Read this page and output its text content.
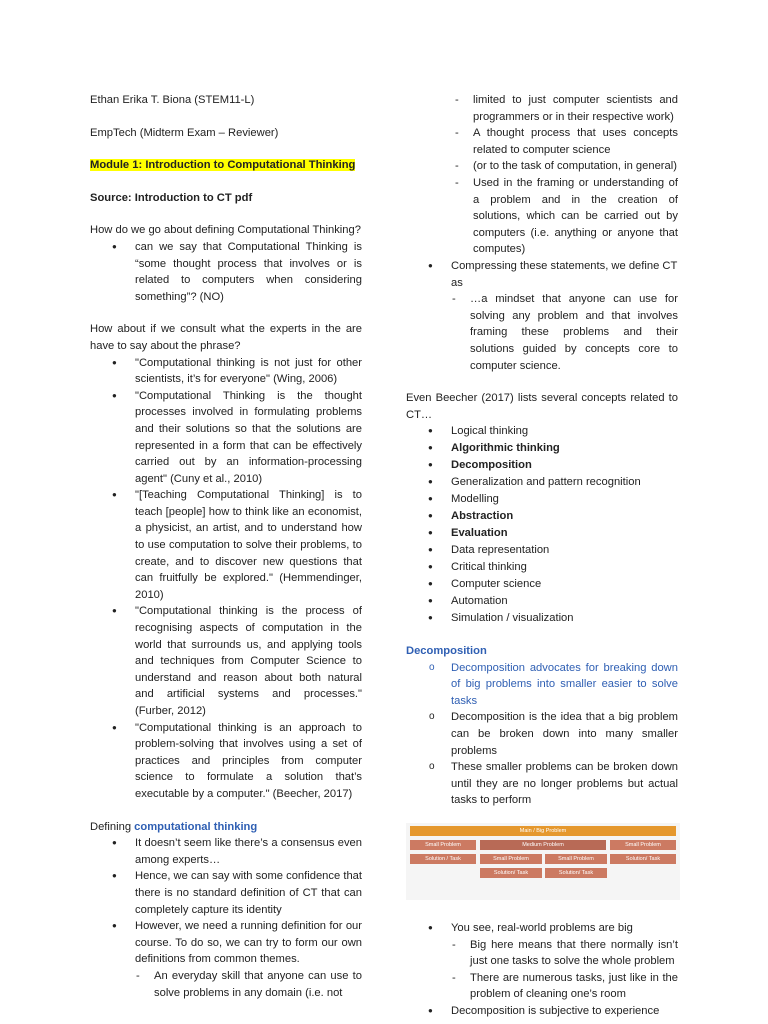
Ethan Erika T. Biona (STEM11-L)

EmpTech (Midterm Exam – Reviewer)

Module 1: Introduction to Computational Thinking

Source: Introduction to CT pdf

How do we go about defining Computational Thinking?

● can we say that Computational Thinking is “some thought process that involves or is related to computers when considering something”? (NO)

How about if we consult what the experts in the are have to say about the phrase?

● "Computational thinking is not just for other scientists, it’s for everyone" (Wing, 2006)
● "Computational Thinking is the thought processes involved in formulating problems and their solutions so that the solutions are represented in a form that can be effectively carried out by an information-processing agent" (Cuny et al., 2010)
● "[Teaching Computational Thinking] is to teach [people] how to think like an economist, a physicist, an artist, and to understand how to use computation to solve their problems, to create, and to discover new questions that can fruitfully be explored." (Hemmendinger, 2010)
● "Computational thinking is the process of recognising aspects of computation in the world that surrounds us, and applying tools and techniques from Computer Science to understand and reason about both natural and artificial systems and processes." (Furber, 2012)
● "Computational thinking is an approach to problem-solving that involves using a set of practices and principles from computer science to formulate a solution that’s executable by a computer." (Beecher, 2017)

Defining computational thinking

● It doesn’t seem like there’s a consensus even among experts…
● Hence, we can say with some confidence that there is no standard definition of CT that can completely capture its identity
● However, we need a running definition for our course. To do so, we can try to form our own definitions from common themes.
- An everyday skill that anyone can use to solve problems in any domain (i.e. not
- limited to just computer scientists and programmers or in their respective work)
- A thought process that uses concepts related to computer science
- (or to the task of computation, in general)
- Used in the framing or understanding of a problem and in the creation of solutions, which can be carried out by computers (i.e. anything or anyone that computes)
● Compressing these statements, we define CT as
- …a mindset that anyone can use for solving any problem and that involves framing these problems and their solutions guided by concepts core to computer science.

Even Beecher (2017) lists several concepts related to CT…

● Logical thinking
● Algorithmic thinking
● Decomposition
● Generalization and pattern recognition
● Modelling
● Abstraction
● Evaluation
● Data representation
● Critical thinking
● Computer science
● Automation
● Simulation / visualization

Decomposition

o Decomposition advocates for breaking down of big problems into smaller easier to solve tasks
o Decomposition is the idea that a big problem can be broken down into many smaller problems
o These smaller problems can be broken down until they are no longer problems but actual tasks to perform
Main / Big Problem
Small Problem	Medium Problem	Small Problem
Solution / Task	Small Problem	Small Problem	Solution/ Task
Solution/ Task	Solution/ Task
● You see, real-world problems are big
- Big here means that there normally isn’t just one tasks to solve the whole problem
- There are numerous tasks, just like in the problem of cleaning one’s room
● Decomposition is subjective to experience
